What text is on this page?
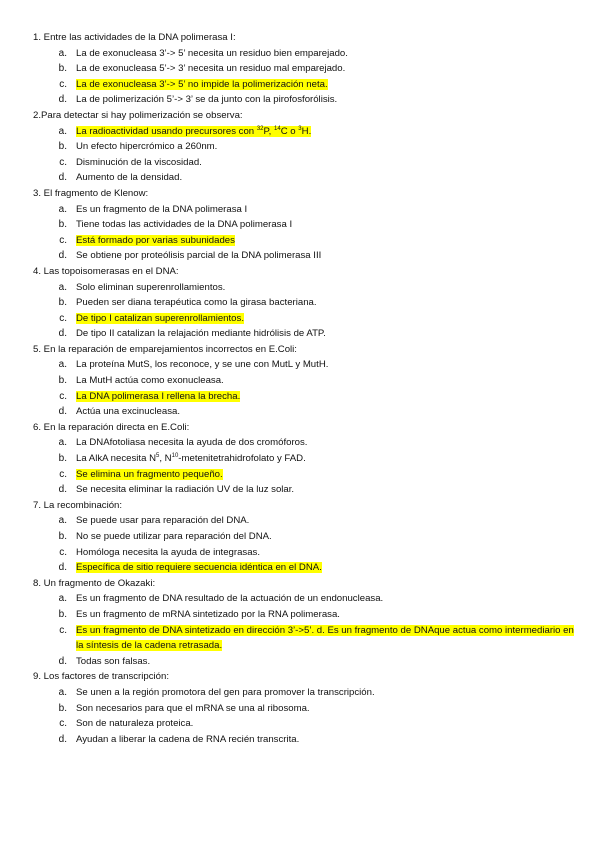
1. Entre las actividades de la DNA polimerasa I:
a. La de exonucleasa 3’-> 5’ necesita un residuo bien emparejado.
b. La de exonucleasa 5’-> 3’ necesita un residuo mal emparejado.
c. La de exonucleasa 3’-> 5’ no impide la polimerización neta.
d. La de polimerización 5’-> 3’ se da junto con la pirofosforólisis.
2.Para detectar si hay polimerización se observa:
a. La radioactividad usando precursores con $^{32}$P, $^{14}$C o $^3$H.
b. Un efecto hipercrómico a 260nm.
c. Disminución de la viscosidad.
d. Aumento de la densidad.
3. El fragmento de Klenow:
a. Es un fragmento de la DNA polimerasa I
b. Tiene todas las actividades de la DNA polimerasa I
c. Está formado por varias subunidades
d. Se obtiene por proteólisis parcial de la DNA polimerasa III
4. Las topoisomerasas en el DNA:
a. Solo eliminan superenrollamientos.
b. Pueden ser diana terapéutica como la girasa bacteriana.
c. De tipo I catalizan superenrollamientos.
d. De tipo II catalizan la relajación mediante hidrólisis de ATP.
5. En la reparación de emparejamientos incorrectos en E.Coli:
a. La proteína MutS, los reconoce, y se une con MutL y MutH.
b. La MutH actúa como exonucleasa.
c. La DNA polimerasa I rellena la brecha.
d. Actúa una excinucleasa.
6. En la reparación directa en E.Coli:
a. La DNAfotoliasa necesita la ayuda de dos cromóforos.
b. La AlkA necesita $N^5$, $N^{10}$-metenitetrahidrofolato y FAD.
c. Se elimina un fragmento pequeño.
d. Se necesita eliminar la radiación UV de la luz solar.
7. La recombinación:
a. Se puede usar para reparación del DNA.
b. No se puede utilizar para reparación del DNA.
c. Homóloga necesita la ayuda de integrasas.
d. Específica de sitio requiere secuencia idéntica en el DNA.
8. Un fragmento de Okazaki:
a. Es un fragmento de DNA resultado de la actuación de un endonucleasa.
b. Es un fragmento de mRNA sintetizado por la RNA polimerasa.
c. Es un fragmento de DNA sintetizado en dirección 3’->5’. d. Es un fragmento de DNAque actua como intermediario en la síntesis de la cadena retrasada.
d. Todas son falsas.
9. Los factores de transcripción:
a. Se unen a la región promotora del gen para promover la transcripción.
b. Son necesarios para que el mRNA se una al ribosoma.
c. Son de naturaleza proteica.
d. Ayudan a liberar la cadena de RNA recién transcrita.
